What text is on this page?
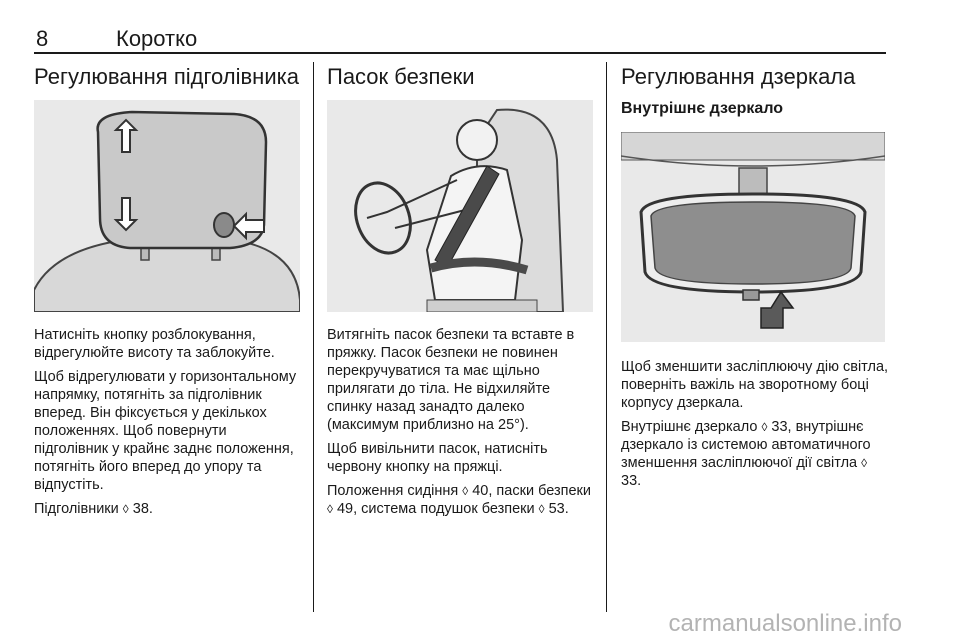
8	Коротко
Регулювання підголівника

Натисніть кнопку розблокування, відрегулюйте висоту та заблокуйте.

Щоб відрегулювати у горизонтальному напрямку, потягніть за підголівник вперед. Він фіксується у декількох положеннях. Щоб повернути підголівник у крайнє заднє положення, потягніть його вперед до упору та відпустіть.

Підголівники ◊ 38.

Пасок безпеки

Витягніть пасок безпеки та вставте в пряжку. Пасок безпеки не повинен перекручуватися та має щільно прилягати до тіла. Не відхиляйте спинку назад занадто далеко (максимум приблизно на 25°).

Щоб вивільнити пасок, натисніть червону кнопку на пряжці.

Положення сидіння ◊ 40, паски безпеки ◊ 49, система подушок безпеки ◊ 53.

Регулювання дзеркала
Внутрішнє дзеркало

Щоб зменшити засліплюючу дію світла, поверніть важіль на зворотному боці корпусу дзеркала.

Внутрішнє дзеркало ◊ 33, внутрішнє дзеркало із системою автоматичного зменшення засліплюючої дії світла ◊ 33.

carmanualsonline.info
